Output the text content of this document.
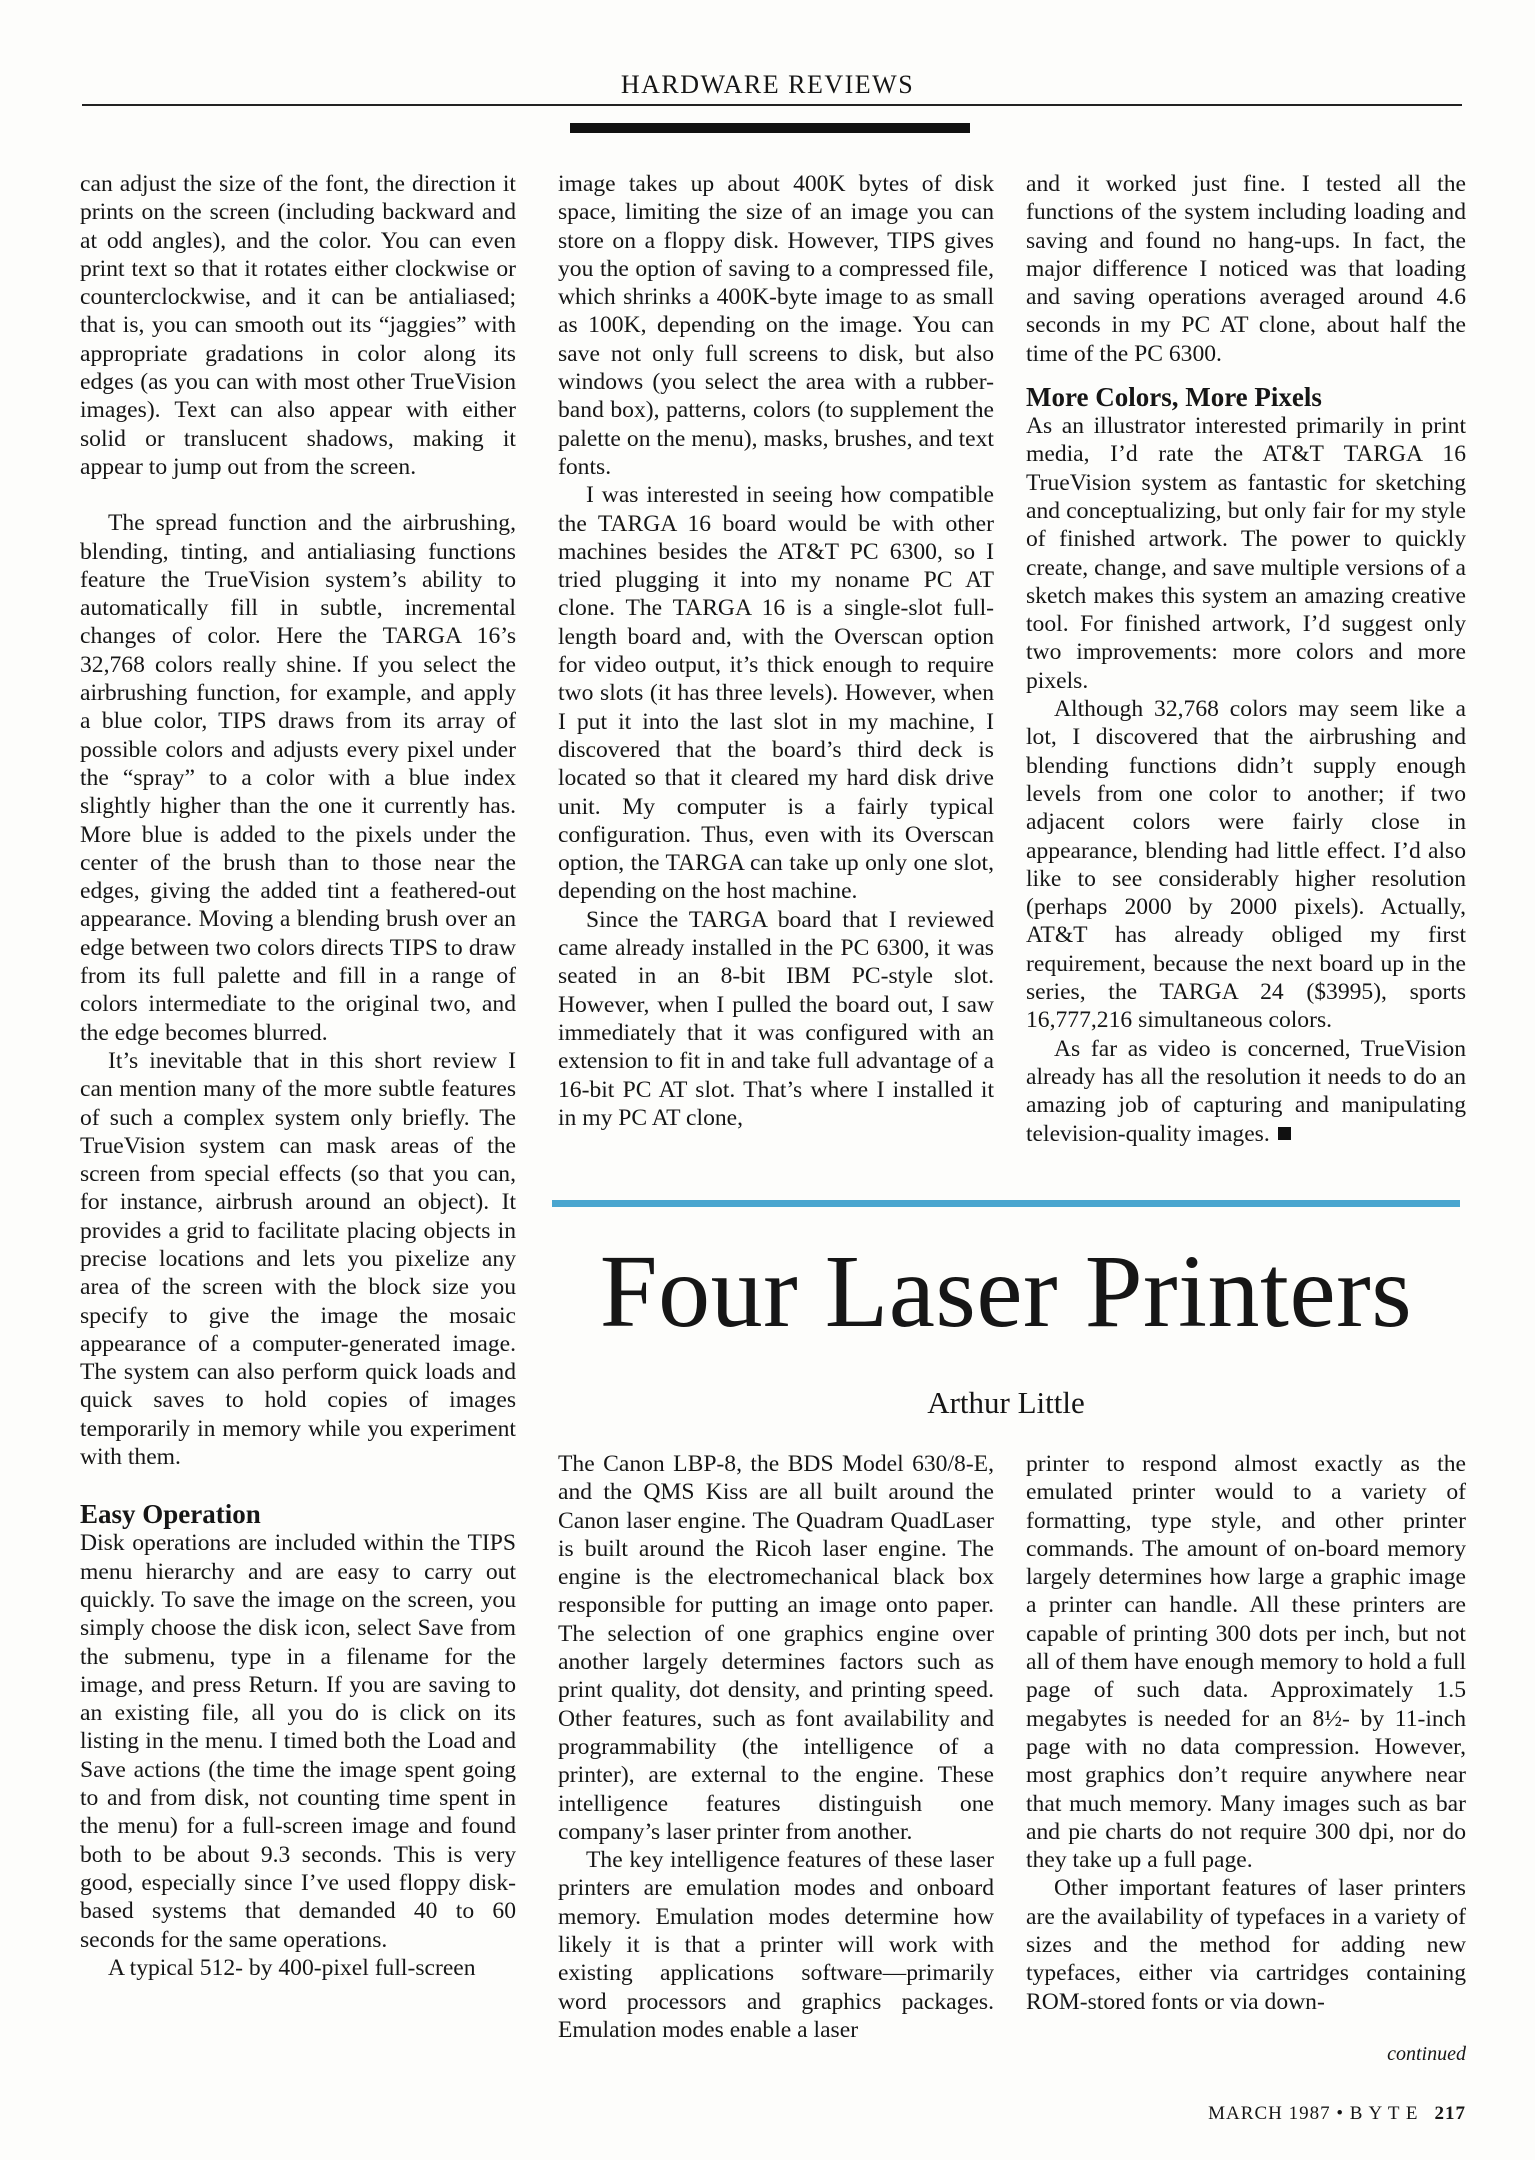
HARDWARE REVIEWS

can adjust the size of the font, the direction it prints on the screen (including backward and at odd angles), and the color. You can even print text so that it rotates either clockwise or counterclockwise, and it can be antialiased; that is, you can smooth out its “jaggies” with appropriate gradations in color along its edges (as you can with most other TrueVision images). Text can also appear with either solid or translucent shadows, making it appear to jump out from the screen.

The spread function and the airbrushing, blending, tinting, and antialiasing functions feature the TrueVision system’s ability to automatically fill in subtle, incremental changes of color. Here the TARGA 16’s 32,768 colors really shine. If you select the airbrushing function, for example, and apply a blue color, TIPS draws from its array of possible colors and adjusts every pixel under the “spray” to a color with a blue index slightly higher than the one it currently has. More blue is added to the pixels under the center of the brush than to those near the edges, giving the added tint a feathered-out appearance. Moving a blending brush over an edge between two colors directs TIPS to draw from its full palette and fill in a range of colors intermediate to the original two, and the edge becomes blurred.

It’s inevitable that in this short review I can mention many of the more subtle features of such a complex system only briefly. The TrueVision system can mask areas of the screen from special effects (so that you can, for instance, airbrush around an object). It provides a grid to facilitate placing objects in precise locations and lets you pixelize any area of the screen with the block size you specify to give the image the mosaic appearance of a computer-generated image. The system can also perform quick loads and quick saves to hold copies of images temporarily in memory while you experiment with them.

Easy Operation

Disk operations are included within the TIPS menu hierarchy and are easy to carry out quickly. To save the image on the screen, you simply choose the disk icon, select Save from the submenu, type in a filename for the image, and press Return. If you are saving to an existing file, all you do is click on its listing in the menu. I timed both the Load and Save actions (the time the image spent going to and from disk, not counting time spent in the menu) for a full-screen image and found both to be about 9.3 seconds. This is very good, especially since I’ve used floppy disk-based systems that demanded 40 to 60 seconds for the same operations.

A typical 512- by 400-pixel full-screen

image takes up about 400K bytes of disk space, limiting the size of an image you can store on a floppy disk. However, TIPS gives you the option of saving to a compressed file, which shrinks a 400K-byte image to as small as 100K, depending on the image. You can save not only full screens to disk, but also windows (you select the area with a rubber-band box), patterns, colors (to supplement the palette on the menu), masks, brushes, and text fonts.

I was interested in seeing how compatible the TARGA 16 board would be with other machines besides the AT&T PC 6300, so I tried plugging it into my noname PC AT clone. The TARGA 16 is a single-slot full-length board and, with the Overscan option for video output, it’s thick enough to require two slots (it has three levels). However, when I put it into the last slot in my machine, I discovered that the board’s third deck is located so that it cleared my hard disk drive unit. My computer is a fairly typical configuration. Thus, even with its Overscan option, the TARGA can take up only one slot, depending on the host machine.

Since the TARGA board that I reviewed came already installed in the PC 6300, it was seated in an 8-bit IBM PC-style slot. However, when I pulled the board out, I saw immediately that it was configured with an extension to fit in and take full advantage of a 16-bit PC AT slot. That’s where I installed it in my PC AT clone,

and it worked just fine. I tested all the functions of the system including loading and saving and found no hang-ups. In fact, the major difference I noticed was that loading and saving operations averaged around 4.6 seconds in my PC AT clone, about half the time of the PC 6300.

More Colors, More Pixels

As an illustrator interested primarily in print media, I’d rate the AT&T TARGA 16 TrueVision system as fantastic for sketching and conceptualizing, but only fair for my style of finished artwork. The power to quickly create, change, and save multiple versions of a sketch makes this system an amazing creative tool. For finished artwork, I’d suggest only two improvements: more colors and more pixels.

Although 32,768 colors may seem like a lot, I discovered that the airbrushing and blending functions didn’t supply enough levels from one color to another; if two adjacent colors were fairly close in appearance, blending had little effect. I’d also like to see considerably higher resolution (perhaps 2000 by 2000 pixels). Actually, AT&T has already obliged my first requirement, because the next board up in the series, the TARGA 24 ($3995), sports 16,777,216 simultaneous colors.

As far as video is concerned, TrueVision already has all the resolution it needs to do an amazing job of capturing and manipulating television-quality images.

Four Laser Printers
Arthur Little

The Canon LBP-8, the BDS Model 630/8-E, and the QMS Kiss are all built around the Canon laser engine. The Quadram QuadLaser is built around the Ricoh laser engine. The engine is the electromechanical black box responsible for putting an image onto paper. The selection of one graphics engine over another largely determines factors such as print quality, dot density, and printing speed. Other features, such as font availability and programmability (the intelligence of a printer), are external to the engine. These intelligence features distinguish one company’s laser printer from another.

The key intelligence features of these laser printers are emulation modes and onboard memory. Emulation modes determine how likely it is that a printer will work with existing applications software—primarily word processors and graphics packages. Emulation modes enable a laser

printer to respond almost exactly as the emulated printer would to a variety of formatting, type style, and other printer commands. The amount of on-board memory largely determines how large a graphic image a printer can handle. All these printers are capable of printing 300 dots per inch, but not all of them have enough memory to hold a full page of such data. Approximately 1.5 megabytes is needed for an 8½- by 11-inch page with no data compression. However, most graphics don’t require anywhere near that much memory. Many images such as bar and pie charts do not require 300 dpi, nor do they take up a full page.

Other important features of laser printers are the availability of typefaces in a variety of sizes and the method for adding new typefaces, either via cartridges containing ROM-stored fonts or via down-

continued
MARCH 1987 • B Y T E 217
